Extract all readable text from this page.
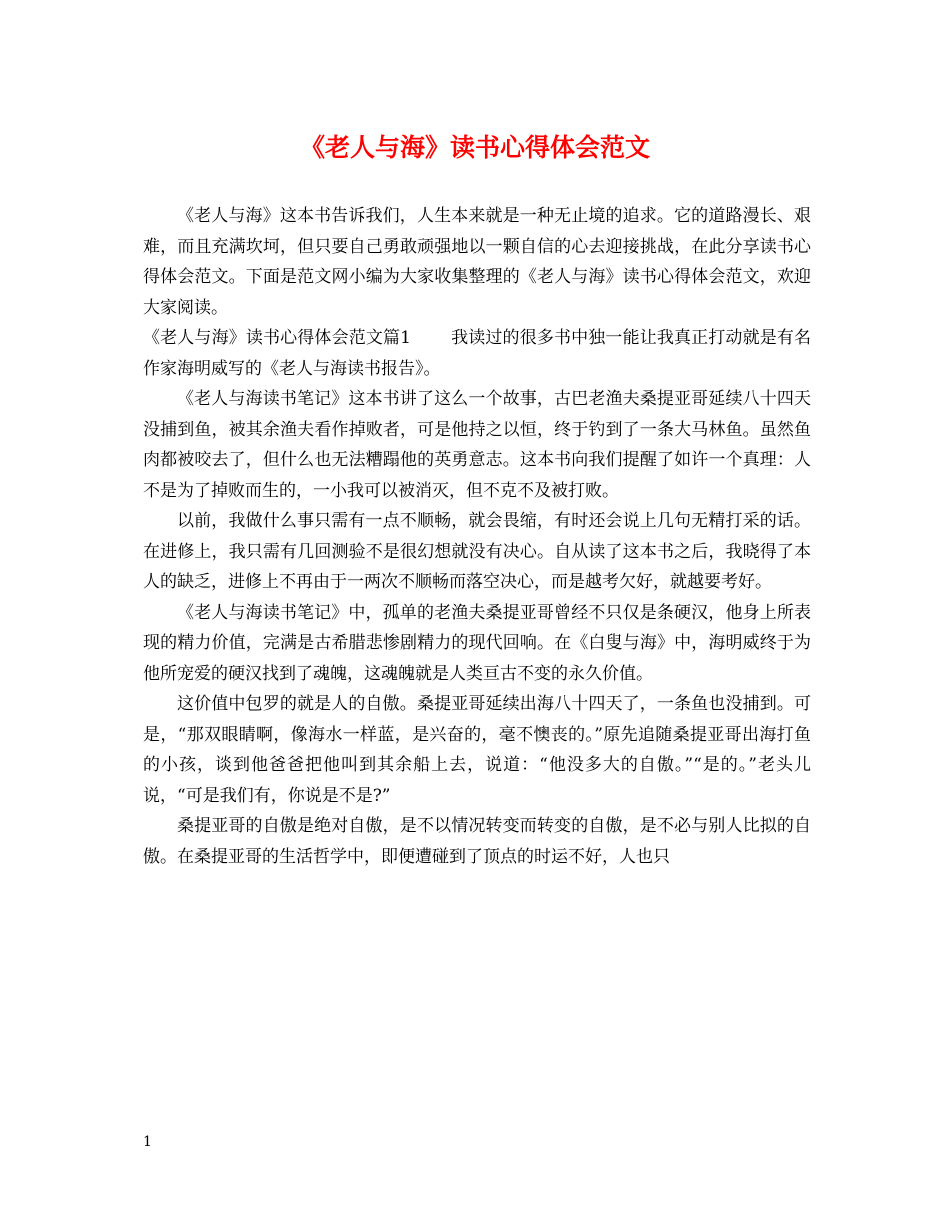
《老人与海》读书心得体会范文

《老人与海》这本书告诉我们，人生本来就是一种无止境的追求。它的道路漫长、艰难，而且充满坎坷，但只要自己勇敢顽强地以一颗自信的心去迎接挑战，在此分享读书心得体会范文。下面是范文网小编为大家收集整理的《老人与海》读书心得体会范文，欢迎大家阅读。

《老人与海》读书心得体会范文篇1 我读过的很多书中独一能让我真正打动就是有名作家海明威写的《老人与海读书报告》。

《老人与海读书笔记》这本书讲了这么一个故事，古巴老渔夫桑提亚哥延续八十四天没捕到鱼，被其余渔夫看作掉败者，可是他持之以恒，终于钓到了一条大马林鱼。虽然鱼肉都被咬去了，但什么也无法糟蹋他的英勇意志。这本书向我们提醒了如许一个真理：人不是为了掉败而生的，一小我可以被消灭，但不克不及被打败。

以前，我做什么事只需有一点不顺畅，就会畏缩，有时还会说上几句无精打采的话。在进修上，我只需有几回测验不是很幻想就没有决心。自从读了这本书之后，我晓得了本人的缺乏，进修上不再由于一两次不顺畅而落空决心，而是越考欠好，就越要考好。

《老人与海读书笔记》中，孤单的老渔夫桑提亚哥曾经不只仅是条硬汉，他身上所表现的精力价值，完满是古希腊悲惨剧精力的现代回响。在《白叟与海》中，海明威终于为他所宠爱的硬汉找到了魂魄，这魂魄就是人类亘古不变的永久价值。

这价值中包罗的就是人的自傲。桑提亚哥延续出海八十四天了，一条鱼也没捕到。可是，“那双眼睛啊，像海水一样蓝，是兴奋的，毫不懊丧的。”原先追随桑提亚哥出海打鱼的小孩，谈到他爸爸把他叫到其余船上去，说道：“他没多大的自傲。”“是的。”老头儿说，“可是我们有，你说是不是?”

桑提亚哥的自傲是绝对自傲，是不以情况转变而转变的自傲，是不必与别人比拟的自傲。在桑提亚哥的生活哲学中，即便遭碰到了顶点的时运不好，人也只

1
